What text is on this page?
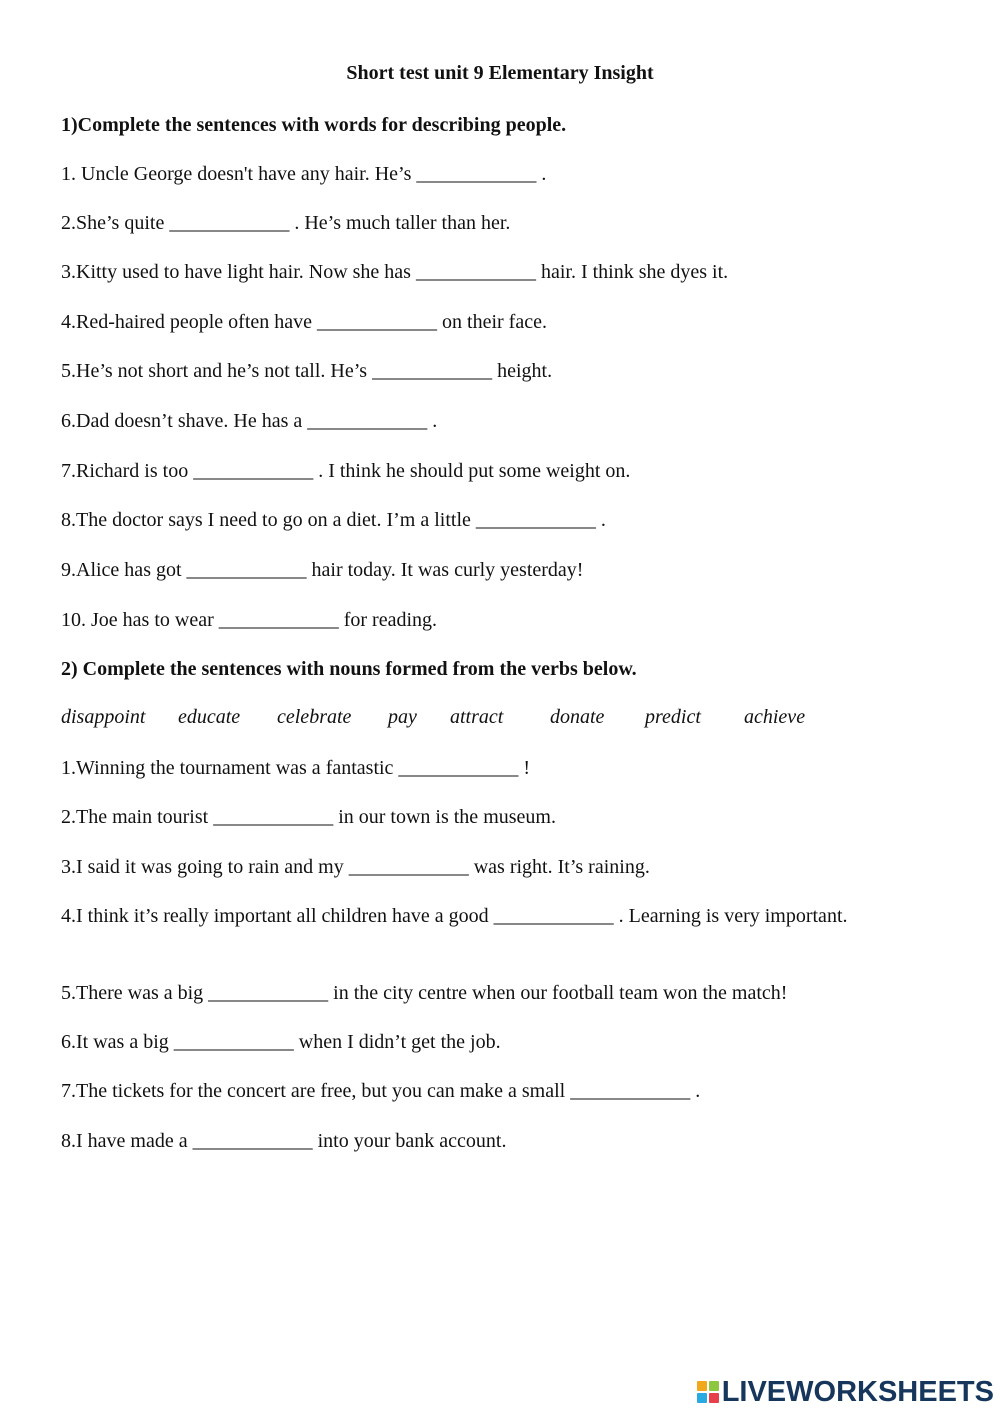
Short test unit 9 Elementary Insight
1)Complete the sentences with words for describing people.
1. Uncle George doesn't have any hair. He’s ____________ .
2.She’s quite ____________ . He’s much taller than her.
3.Kitty used to have light hair. Now she has ____________ hair. I think she dyes it.
4.Red-haired people often have ____________ on their face.
5.He’s not short and he’s not tall. He’s ____________ height.
6.Dad doesn’t shave. He has a ____________ .
7.Richard is too ____________ . I think he should put some weight on.
8.The doctor says I need to go on a diet. I’m a little ____________ .
9.Alice has got ____________ hair today. It was curly yesterday!
10. Joe has to wear ____________ for reading.
2) Complete the sentences with nouns formed from the verbs below.
disappoint educate celebrate pay attract donate predict achieve
1.Winning the tournament was a fantastic ____________ !
2.The main tourist ____________ in our town is the museum.
3.I said it was going to rain and my ____________ was right. It’s raining.
4.I think it’s really important all children have a good ____________ . Learning is very important.
5.There was a big ____________ in the city centre when our football team won the match!
6.It was a big ____________ when I didn’t get the job.
7.The tickets for the concert are free, but you can make a small ____________ .
8.I have made a ____________ into your bank account.
LIVEWORKSHEETS
